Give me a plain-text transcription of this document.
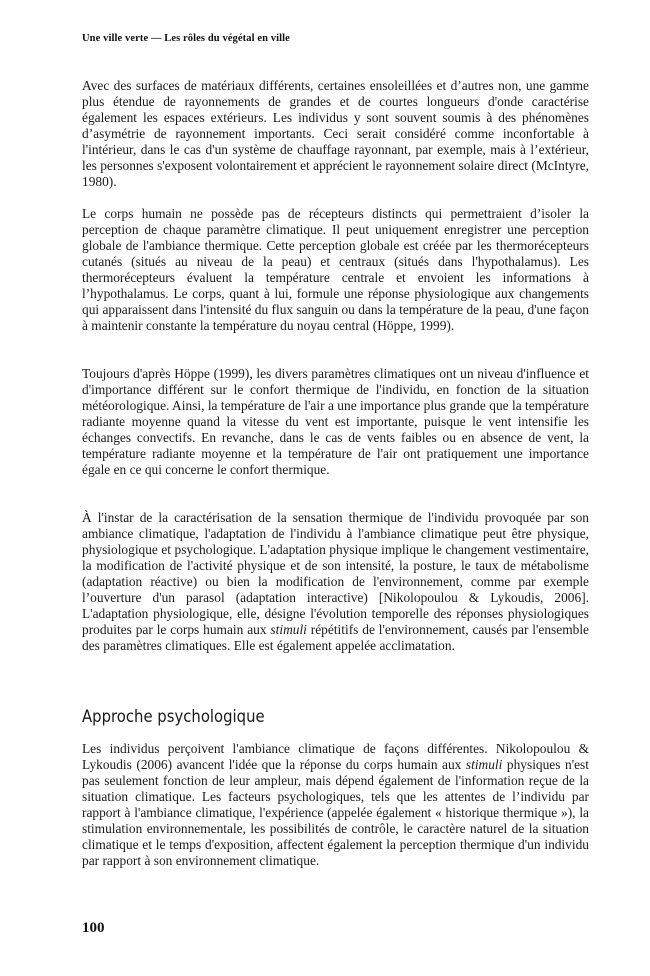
Une ville verte — Les rôles du végétal en ville

Avec des surfaces de matériaux différents, certaines ensoleillées et d’autres non, une gamme plus étendue de rayonnements de grandes et de courtes longueurs d'onde caractérise également les espaces extérieurs. Les individus y sont souvent soumis à des phénomènes d’asymétrie de rayonnement importants. Ceci serait considéré comme inconfortable à l'intérieur, dans le cas d'un système de chauffage rayonnant, par exemple, mais à l’extérieur, les personnes s'exposent volontairement et apprécient le rayonnement solaire direct (McIntyre, 1980).

Le corps humain ne possède pas de récepteurs distincts qui permettraient d’isoler la perception de chaque paramètre climatique. Il peut uniquement enregistrer une perception globale de l'ambiance thermique. Cette perception globale est créée par les thermorécepteurs cutanés (situés au niveau de la peau) et centraux (situés dans l'hypothalamus). Les thermorécepteurs évaluent la température centrale et envoient les informations à l’hypothalamus. Le corps, quant à lui, formule une réponse physiologique aux changements qui apparaissent dans l'intensité du flux sanguin ou dans la température de la peau, d'une façon à maintenir constante la température du noyau central (Höppe, 1999).

Toujours d'après Höppe (1999), les divers paramètres climatiques ont un niveau d'influence et d'importance différent sur le confort thermique de l'individu, en fonction de la situation météorologique. Ainsi, la température de l'air a une importance plus grande que la température radiante moyenne quand la vitesse du vent est importante, puisque le vent intensifie les échanges convectifs. En revanche, dans le cas de vents faibles ou en absence de vent, la température radiante moyenne et la température de l'air ont pratiquement une importance égale en ce qui concerne le confort thermique.

À l'instar de la caractérisation de la sensation thermique de l'individu provoquée par son ambiance climatique, l'adaptation de l'individu à l'ambiance climatique peut être physique, physiologique et psychologique. L'adaptation physique implique le changement vestimentaire, la modification de l'activité physique et de son intensité, la posture, le taux de métabolisme (adaptation réactive) ou bien la modification de l'environnement, comme par exemple l’ouverture d'un parasol (adaptation interactive) [Nikolopoulou & Lykoudis, 2006]. L'adaptation physiologique, elle, désigne l'évolution temporelle des réponses physiologiques produites par le corps humain aux stimuli répétitifs de l'environnement, causés par l'ensemble des paramètres climatiques. Elle est également appelée acclimatation.

Approche psychologique

Les individus perçoivent l'ambiance climatique de façons différentes. Nikolopoulou & Lykoudis (2006) avancent l'idée que la réponse du corps humain aux stimuli physiques n'est pas seulement fonction de leur ampleur, mais dépend également de l'information reçue de la situation climatique. Les facteurs psychologiques, tels que les attentes de l’individu par rapport à l'ambiance climatique, l'expérience (appelée également « historique thermique »), la stimulation environnementale, les possibilités de contrôle, le caractère naturel de la situation climatique et le temps d'exposition, affectent également la perception thermique d'un individu par rapport à son environnement climatique.

100
